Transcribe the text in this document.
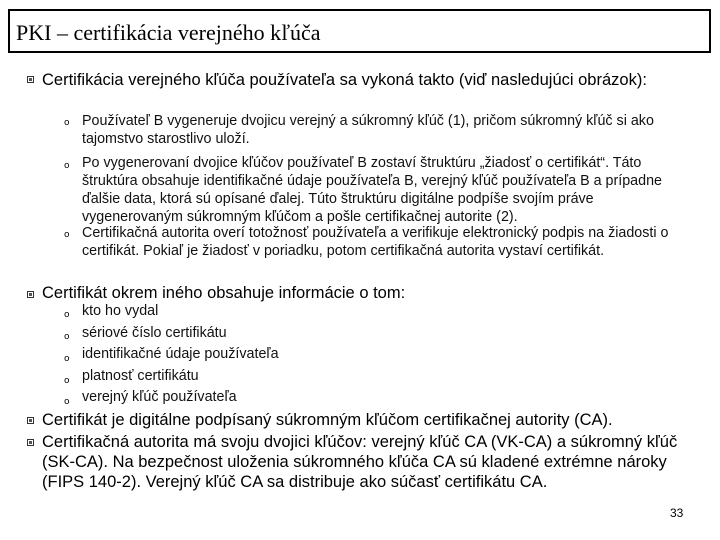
PKI – certifikácia verejného kľúča
Certifikácia verejného kľúča používateľa sa vykoná takto (viď nasledujúci obrázok):
o Používateľ B vygeneruje dvojicu verejný a súkromný kľúč (1), pričom súkromný kľúč si ako tajomstvo starostlivo uloží.
o Po vygenerovaní dvojice kľúčov používateľ B zostaví štruktúru „žiadosť o certifikát“. Táto štruktúra obsahuje identifikačné údaje používateľa B, verejný kľúč používateľa B a prípadne ďalšie data, ktorá sú opísané ďalej. Túto štruktúru digitálne podpíše svojím práve vygenerovaným súkromným kľúčom a pošle certifikačnej autorite (2).
o Certifikačná autorita overí totožnosť používateľa a verifikuje elektronický podpis na žiadosti o certifikát. Pokiaľ je žiadosť v poriadku, potom certifikačná autorita vystaví certifikát.
Certifikát okrem iného obsahuje informácie o tom:
o kto ho vydal
o sériové číslo certifikátu
o identifikačné údaje používateľa
o platnosť certifikátu
o verejný kľúč používateľa
Certifikát je digitálne podpísaný súkromným kľúčom certifikačnej autority (CA).
Certifikačná autorita má svoju dvojici kľúčov: verejný kľúč CA (VK-CA) a súkromný kľúč (SK-CA). Na bezpečnost uloženia súkromného kľúča CA sú kladené extrémne nároky (FIPS 140-2). Verejný kľúč CA sa distribuje ako súčasť certifikátu CA.
33
